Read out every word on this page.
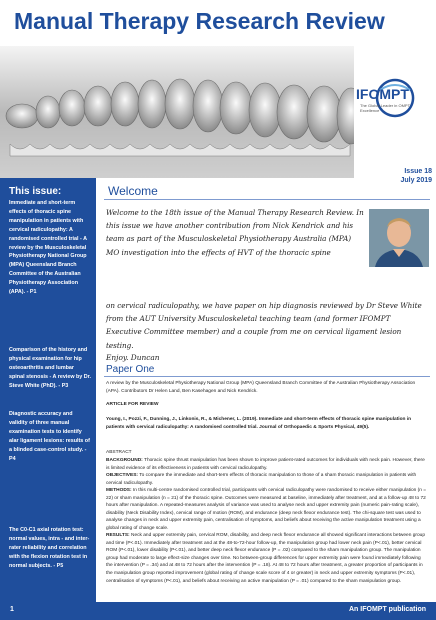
Manual Therapy Research Review
IFOMPT
The Global Leader in OMPT Excellence
Issue 18
July 2019
This issue:
Immediate and short-term effects of thoracic spine manipulation in patients with cervical radiculopathy: A randomised controlled trial - A review by the Musculoskeletal Physiotherapy National Group (MPA) Queensland Branch Committee of the Australian Physiotherapy Association (APA). - P1
Comparison of the history and physical examination for hip osteoarthritis and lumbar spinal stenosis - A review by Dr. Steve White (PhD). - P3
Diagnostic accuracy and validity of three manual examination tests to identify alar ligament lesions: results of a blinded case-control study. - P4
The C0-C1 axial rotation test: normal values, intra - and inter-rater reliability and correlation with the flexion rotation test in normal subjects. - P5
Welcome
Welcome to the 18th issue of the Manual Therapy Research Review. In this issue we have another contribution from Nick Kendrick and his team as part of the Musculoskeletal Physiotherapy Australia (MPA) MO investigation into the effects of HVT of the thoracic spine
on cervical radiculopathy, we have paper on hip diagnosis reviewed by Dr Steve White from the AUT University Musculoskeletal teaching team (and former IFOMPT Executive Committee member) and a couple from me on cervical ligament lesion testing.
Enjoy. Duncan
Paper One
A review by the Musculoskeletal Physiotherapy National Group (MPA) Queensland Branch Committee of the Australian Physiotherapy Association (APA). Contributors Dr Helen Land, Ben Kasehagen and Nick Kendrick.
ARTICLE FOR REVIEW
Young, I., Pozzi, F., Dunning, J., Linkonis, R., & Michener, L. (2019). Immediate and short-term effects of thoracic spine manipulation in patients with cervical radiculopathy: A randomised controlled trial. Journal of Orthopaedic & Sports Physical, 49(5).
ABSTRACT
BACKGROUND: Thoracic spine thrust manipulation has been shown to improve patient-rated outcomes for individuals with neck pain. However, there is limited evidence of its effectiveness in patients with cervical radiculopathy.
OBJECTIVES: To compare the immediate and short-term effects of thoracic manipulation to those of a sham thoracic manipulation in patients with cervical radiculopathy.
METHODS: In this multi-centre randomised controlled trial, participants with cervical radiculopathy were randomised to receive either manipulation (n = 22) or sham manipulation (n = 21) of the thoracic spine. Outcomes were measured at baseline, immediately after treatment, and at a follow-up 48 to 72 hours after manipulation. A repeated-measures analysis of variance was used to analyse neck and upper extremity pain (numeric pain-rating scale), disability (Neck Disability Index), cervical range of motion (ROM), and endurance (deep neck flexor endurance test). The chi-square test was used to analyse changes in neck and upper extremity pain, centralisation of symptoms, and beliefs about receiving the active manipulation treatment using a global rating of change scale.
RESULTS: Neck and upper extremity pain, cervical ROM, disability, and deep neck flexor endurance all showed significant interactions between group and time (P<.01). Immediately after treatment and at the 48-to-72-hour follow-up, the manipulation group had lower neck pain (P<.01), better cervical ROM (P<.01), lower disability (P<.01), and better deep neck flexor endurance (P = .02) compared to the sham manipulation group. The manipulation group had moderate to large effect-size changes over time. No between-group differences for upper extremity pain were found immediately following the intervention (P = .34) and at 48 to 72 hours after the intervention (P = .18). At 48 to 72 hours after treatment, a greater proportion of participants in the manipulation group reported improvement (global rating of change scale score of 4 or greater) in neck and upper extremity symptoms (P<.01), centralisation of symptoms (P<.01), and beliefs about receiving an active manipulation (P = .01) compared to the sham manipulation group.
1	An IFOMPT publication
